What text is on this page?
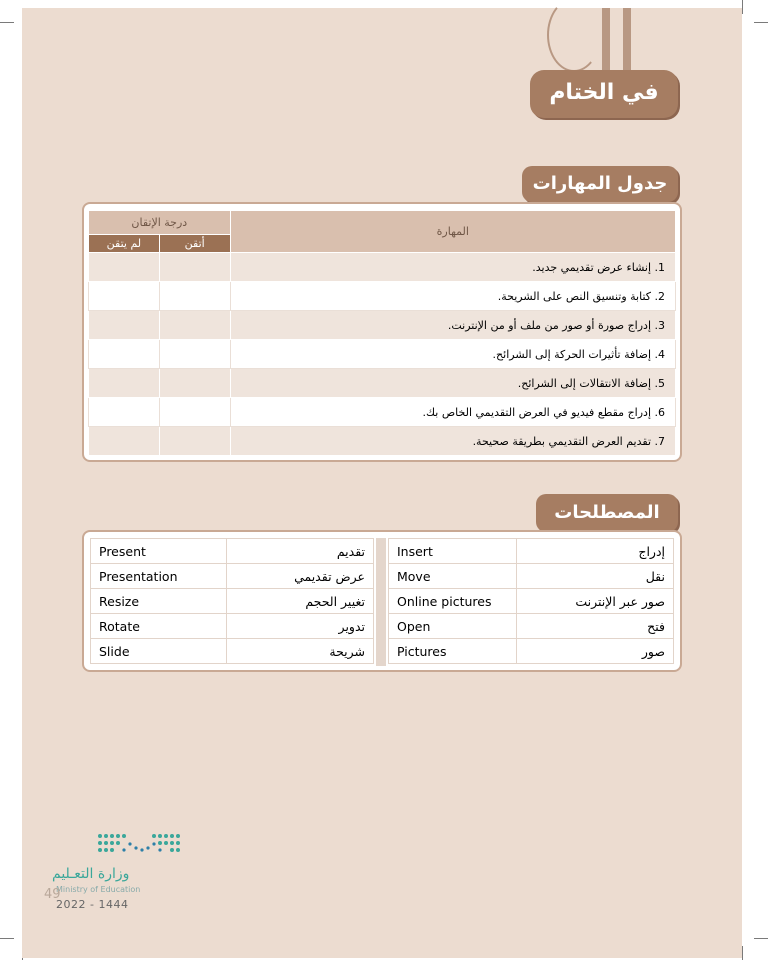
في الختام
جدول المهارات
المهارة	درجة الإتقان	
	أتقن	لم يتقن
1. إنشاء عرض تقديمي جديد.		
2. كتابة وتنسيق النص على الشريحة.		
3. إدراج صورة أو صور من ملف أو من الإنترنت.		
4. إضافة تأثيرات الحركة إلى الشرائح.		
5. إضافة الانتقالات إلى الشرائح.		
6. إدراج مقطع فيديو في العرض التقديمي الخاص بك.		
7. تقديم العرض التقديمي بطريقة صحيحة.		
المصطلحات
إدراج	Insert
نقل	Move
صور عبر الإنترنت	Online pictures
فتح	Open
صور	Pictures
تقديم	Present
عرض تقديمي	Presentation
تغيير الحجم	Resize
تدوير	Rotate
شريحة	Slide
وزارة التعـليم
Ministry of Education
49
2022 - 1444
